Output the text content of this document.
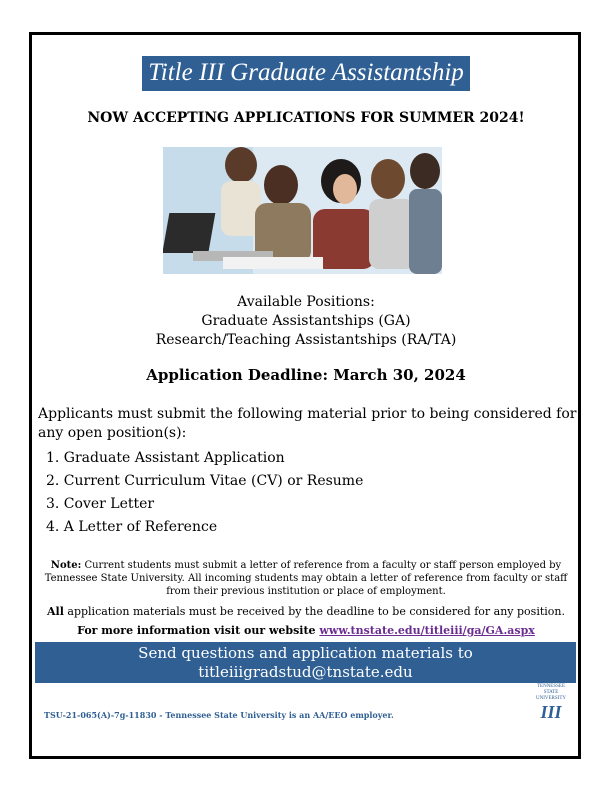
Title III Graduate Assistantship
NOW ACCEPTING APPLICATIONS FOR SUMMER 2024!
Available Positions:
Graduate Assistantships (GA)
Research/Teaching Assistantships (RA/TA)
Application Deadline: March 30, 2024
Applicants must submit the following material prior to being considered for any open position(s):
1. Graduate Assistant Application
2. Current Curriculum Vitae (CV) or Resume
3. Cover Letter
4. A Letter of Reference
Note: Current students must submit a letter of reference from a faculty or staff person employed by Tennessee State University. All incoming students may obtain a letter of reference from faculty or staff from their previous institution or place of employment.
All application materials must be received by the deadline to be considered for any position.
For more information visit our website www.tnstate.edu/titleiii/ga/GA.aspx
Send questions and application materials to
titleiiigradstud@tnstate.edu
TSU-21-065(A)-7g-11830 - Tennessee State University is an AA/EEO employer.
TENNESSEE STATE UNIVERSITY
III
